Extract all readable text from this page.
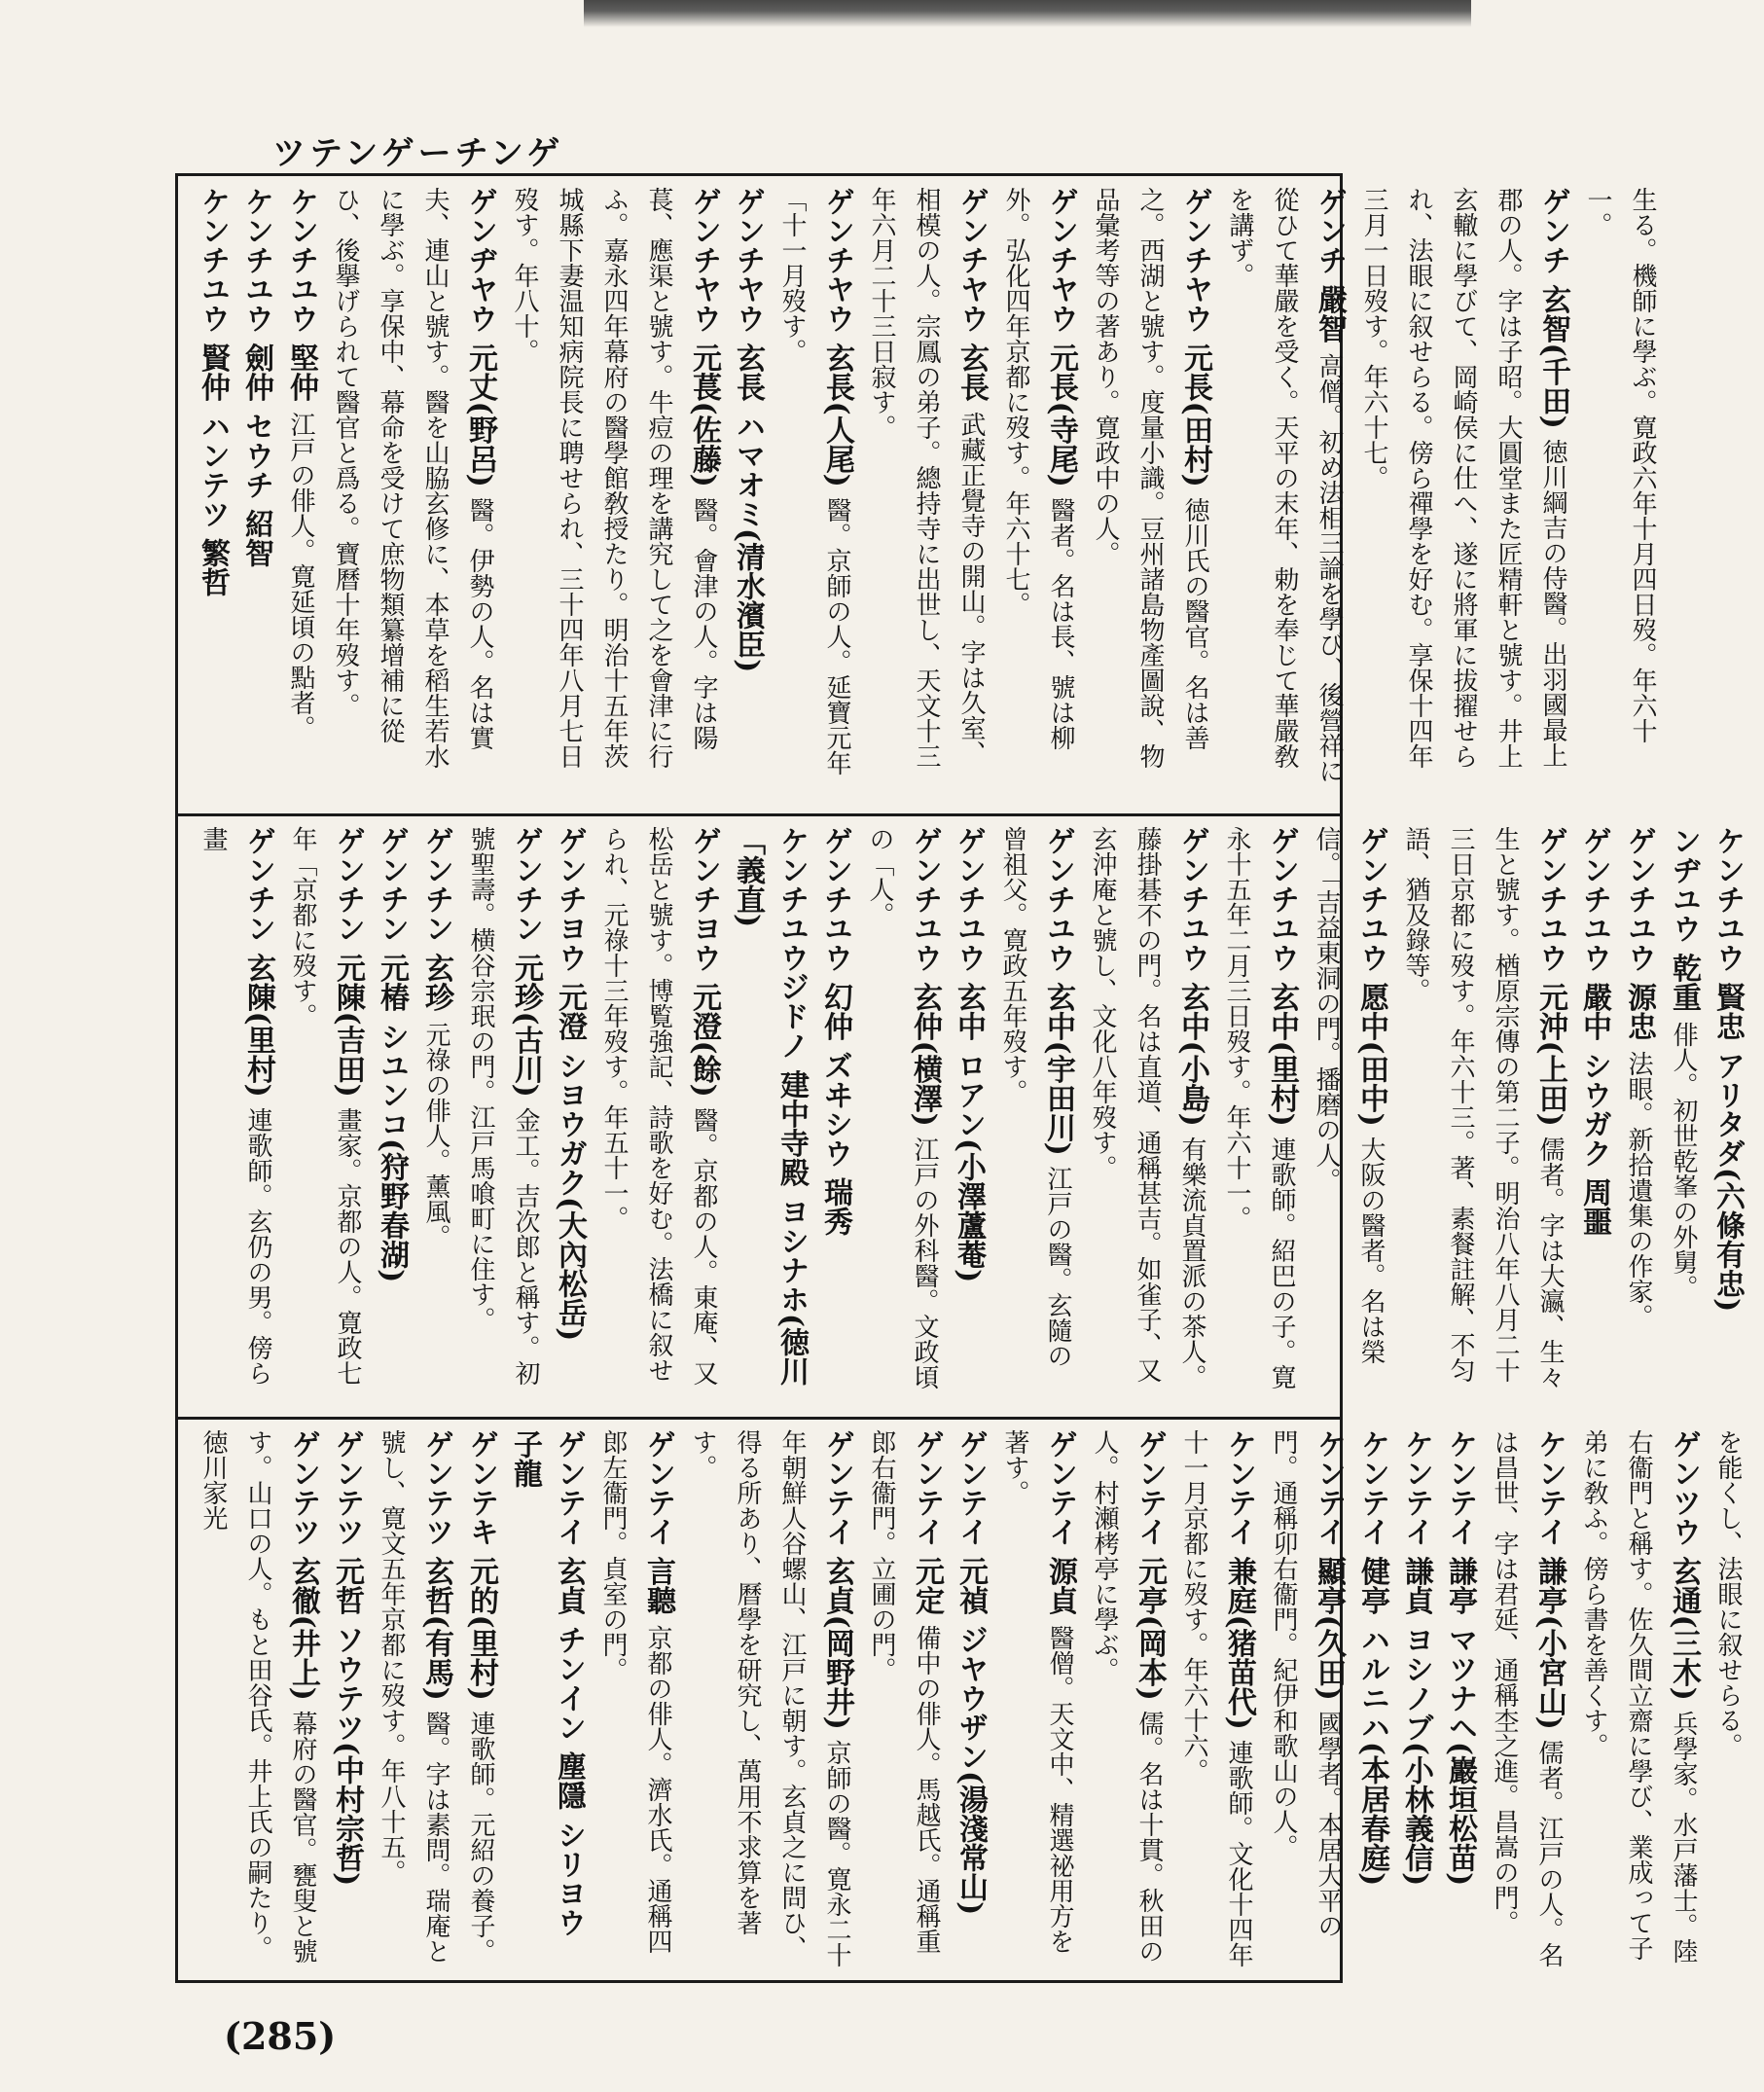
ツテンゲーチンゲ

生る。機師に學ぶ。寛政六年十月四日歿。年六十一。

ゲンチ 玄智(千田) 徳川綱吉の侍醫。出羽國最上郡の人。字は子昭。大圓堂また匠精軒と號す。井上玄轍に學びて、岡崎侯に仕へ、遂に將軍に拔擢せられ、法眼に叙せらる。傍ら禪學を好む。享保十四年三月一日歿す。年六十七。

ゲンチ 嚴智 高僧。初め法相三論を學び、後營祥に從ひて華嚴を受く。天平の末年、勅を奉じて華嚴敎を講ず。

ゲンチヤウ 元長(田村) 徳川氏の醫官。名は善之。西湖と號す。度量小識。豆州諸島物產圖說、物品彙考等の著あり。寛政中の人。

ゲンチヤウ 元長(寺尾) 醫者。名は長、號は柳外。弘化四年京都に歿す。年六十七。

ゲンチヤウ 玄長 武藏正覺寺の開山。字は久室、相模の人。宗鳳の弟子。總持寺に出世し、天文十三年六月二十三日寂す。

ゲンチヤウ 玄長(人尾) 醫。京師の人。延寶元年「十一月歿す。

ゲンチヤウ 玄長 ハマオミ(清水濱臣)

ゲンチヤウ 元萇(佐藤) 醫。會津の人。字は陽萇、應渠と號す。牛痘の理を講究して之を會津に行ふ。嘉永四年幕府の醫學館敎授たり。明治十五年茨城縣下妻温知病院長に聘せられ、三十四年八月七日歿す。年八十。

ゲンヂヤウ 元丈(野呂) 醫。伊勢の人。名は實夫、連山と號す。醫を山脇玄修に、本草を稻生若水に學ぶ。享保中、幕命を受けて庶物類纂增補に從ひ、後擧げられて醫官と爲る。寶曆十年歿す。

ケンチユウ 堅仲 江戸の俳人。寛延頃の點者。

ケンチユウ 劍仲 セウチ 紹智

ケンチユウ 賢仲 ハンテツ 繁哲

ケンチユウ 賢忠 アリタダ(六條有忠)

ンヂユウ 乾重 俳人。初世乾峯の外舅。

ゲンチユウ 源忠 法眼。新拾遺集の作家。

ゲンチユウ 嚴中 シウガク 周噩

ゲンチユウ 元沖(上田) 儒者。字は大瀛、生々生と號す。楢原宗傳の第二子。明治八年八月二十三日京都に歿す。年六十三。著、素餐註解、不匀語、猶及錄等。

ゲンチユウ 愿中(田中) 大阪の醫者。名は榮信。「吉益東洞の門。播磨の人。

ゲンチユウ 玄中(里村) 連歌師。紹巴の子。寛永十五年二月三日歿す。年六十一。

ゲンチユウ 玄中(小島) 有樂流貞置派の茶人。藤掛碁不の門。名は直道、通稱甚吉。如雀子、又玄沖庵と號し、文化八年歿す。

ゲンチユウ 玄中(宇田川) 江戸の醫。玄隨の曾祖父。寛政五年歿す。

ゲンチユウ 玄中 ロアン(小澤蘆菴)

ゲンチユウ 玄仲(横澤) 江戸の外科醫。文政頃の「人。

ゲンチユウ 幻仲 ズヰシウ 瑞秀

ケンチユウジドノ 建中寺殿 ヨシナホ(徳川「義直)

ゲンチヨウ 元澄(餘) 醫。京都の人。東庵、又松岳と號す。博覧強記、詩歌を好む。法橋に叙せられ、元祿十三年歿す。年五十一。

ゲンチヨウ 元澄 シヨウガク(大內松岳)

ゲンチン 元珍(古川) 金工。吉次郎と稱す。初號聖壽。横谷宗珉の門。江戸馬喰町に住す。

ゲンチン 玄珍 元祿の俳人。薰風。

ゲンチン 元椿 シユンコ(狩野春湖)

ゲンチン 元陳(吉田) 畫家。京都の人。寛政七年「京都に歿す。

ゲンチン 玄陳(里村) 連歌師。玄仍の男。傍ら畫

を能くし、法眼に叙せらる。

ゲンツウ 玄通(三木) 兵學家。水戸藩士。陸右衞門と稱す。佐久間立齋に學び、業成って子弟に敎ふ。傍ら書を善くす。

ケンテイ 謙亭(小宮山) 儒者。江戸の人。名は昌世、字は君延、通稱杢之進。昌嵩の門。

ケンテイ 謙亭 マツナヘ(巖垣松苗)

ケンテイ 謙貞 ヨシノブ(小林義信)

ケンテイ 健亭 ハルニハ(本居春庭)

ケンテイ 顯亭(久田) 國學者。本居大平の門。通稱卯右衞門。紀伊和歌山の人。

ケンテイ 兼庭(猪苗代) 連歌師。文化十四年十一月京都に歿す。年六十六。

ゲンテイ 元亭(岡本) 儒。名は十貫。秋田の人。村瀬栲亭に學ぶ。

ゲンテイ 源貞 醫僧。天文中、精選祕用方を著す。

ゲンテイ 元禎 ジヤウザン(湯淺常山)

ゲンテイ 元定 備中の俳人。馬越氏。通稱重郎右衞門。立圃の門。

ゲンテイ 玄貞(岡野井) 京師の醫。寛永二十年朝鮮人谷螺山、江戸に朝す。玄貞之に問ひ、得る所あり、曆學を研究し、萬用不求算を著す。

ゲンテイ 言聽 京都の俳人。濟水氏。通稱四郎左衞門。貞室の門。

ゲンテイ 玄貞 チンイン 塵隱 シリヨウ 子龍

ゲンテキ 元的(里村) 連歌師。元紹の養子。

ゲンテツ 玄哲(有馬) 醫。字は素問。瑞庵と號し、寛文五年京都に歿す。年八十五。

ゲンテツ 元哲 ソウテツ(中村宗哲)

ゲンテツ 玄徹(井上) 幕府の醫官。甕叟と號す。山口の人。もと田谷氏。井上氏の嗣たり。徳川家光

(285)
